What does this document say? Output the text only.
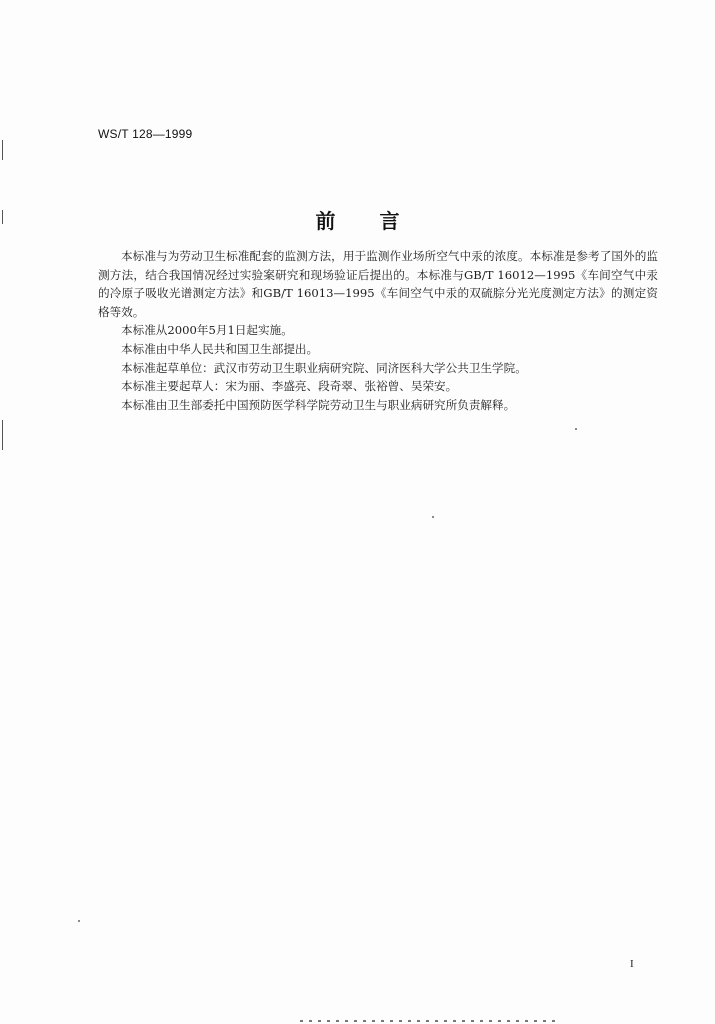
WS/T 128—1999
前言

本标准与为劳动卫生标准配套的监测方法，用于监测作业场所空气中汞的浓度。本标准是参考了国外的监测方法，结合我国情况经过实验案研究和现场验证后提出的。本标准与GB/T 16012—1995《车间空气中汞的冷原子吸收光谱测定方法》和GB/T 16013—1995《车间空气中汞的双硫腙分光光度测定方法》的测定资格等效。

本标准从2000年5月1日起实施。

本标准由中华人民共和国卫生部提出。

本标准起草单位：武汉市劳动卫生职业病研究院、同济医科大学公共卫生学院。

本标准主要起草人：宋为丽、李盛亮、段奇翠、张裕曾、吴荣安。

本标准由卫生部委托中国预防医学科学院劳动卫生与职业病研究所负责解释。

I
